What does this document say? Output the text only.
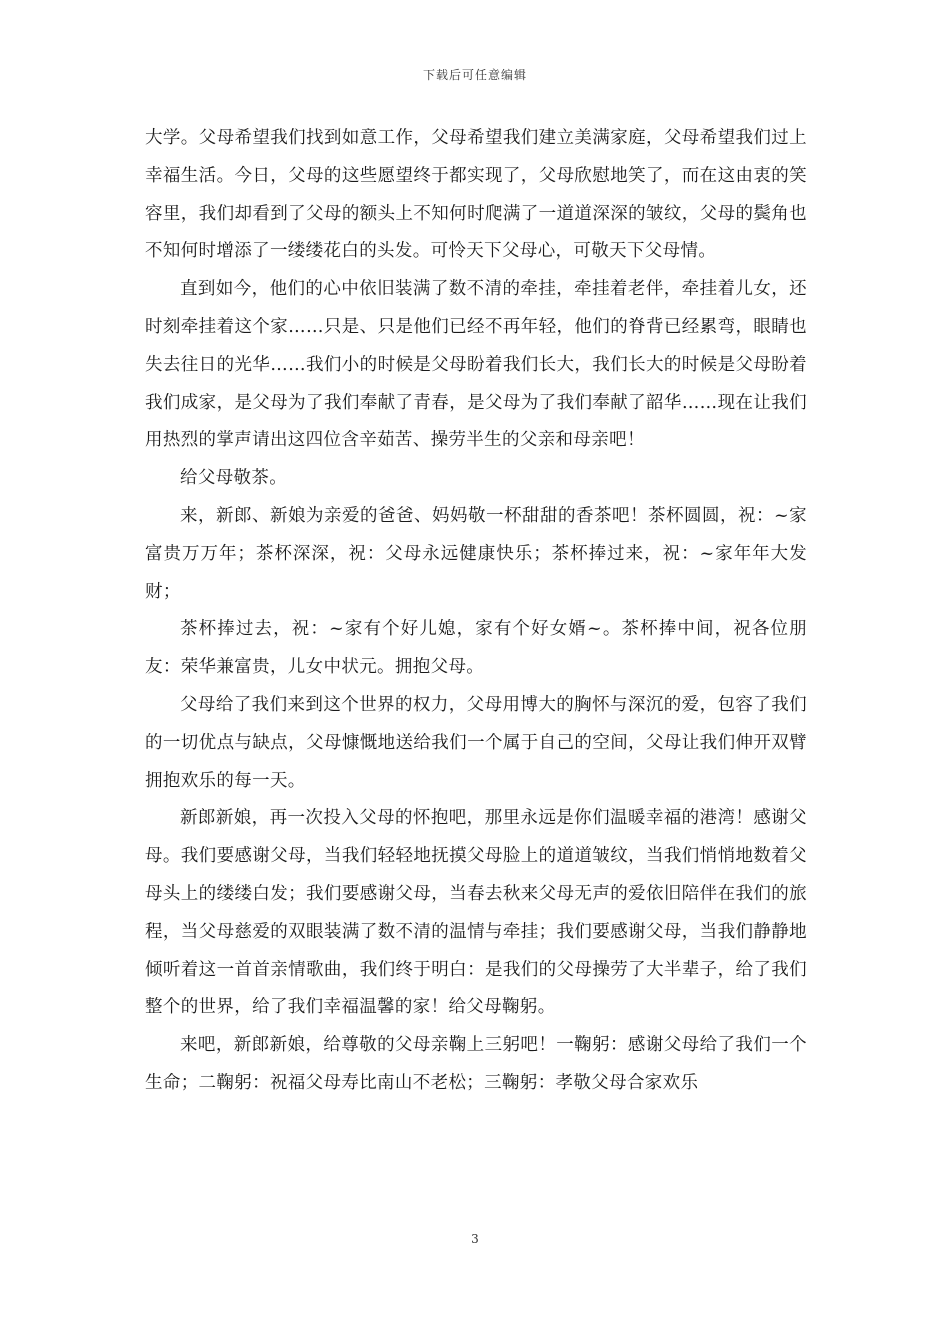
下载后可任意编辑

大学。父母希望我们找到如意工作，父母希望我们建立美满家庭，父母希望我们过上幸福生活。今日，父母的这些愿望终于都实现了，父母欣慰地笑了，而在这由衷的笑容里，我们却看到了父母的额头上不知何时爬满了一道道深深的皱纹，父母的鬓角也不知何时增添了一缕缕花白的头发。可怜天下父母心，可敬天下父母情。

直到如今，他们的心中依旧装满了数不清的牵挂，牵挂着老伴，牵挂着儿女，还时刻牵挂着这个家……只是、只是他们已经不再年轻，他们的脊背已经累弯，眼睛也失去往日的光华……我们小的时候是父母盼着我们长大，我们长大的时候是父母盼着我们成家，是父母为了我们奉献了青春，是父母为了我们奉献了韶华……现在让我们用热烈的掌声请出这四位含辛茹苦、操劳半生的父亲和母亲吧！

给父母敬茶。

来，新郎、新娘为亲爱的爸爸、妈妈敬一杯甜甜的香茶吧！茶杯圆圆，祝：~家富贵万万年；茶杯深深，祝：父母永远健康快乐；茶杯捧过来，祝：~家年年大发财；

茶杯捧过去，祝：~家有个好儿媳，家有个好女婿~。茶杯捧中间，祝各位朋友：荣华兼富贵，儿女中状元。拥抱父母。

父母给了我们来到这个世界的权力，父母用博大的胸怀与深沉的爱，包容了我们的一切优点与缺点，父母慷慨地送给我们一个属于自己的空间，父母让我们伸开双臂拥抱欢乐的每一天。

新郎新娘，再一次投入父母的怀抱吧，那里永远是你们温暖幸福的港湾！感谢父母。我们要感谢父母，当我们轻轻地抚摸父母脸上的道道皱纹，当我们悄悄地数着父母头上的缕缕白发；我们要感谢父母，当春去秋来父母无声的爱依旧陪伴在我们的旅程，当父母慈爱的双眼装满了数不清的温情与牵挂；我们要感谢父母，当我们静静地倾听着这一首首亲情歌曲，我们终于明白：是我们的父母操劳了大半辈子，给了我们整个的世界，给了我们幸福温馨的家！给父母鞠躬。

来吧，新郎新娘，给尊敬的父母亲鞠上三躬吧！一鞠躬：感谢父母给了我们一个生命；二鞠躬：祝福父母寿比南山不老松；三鞠躬：孝敬父母合家欢乐

3
